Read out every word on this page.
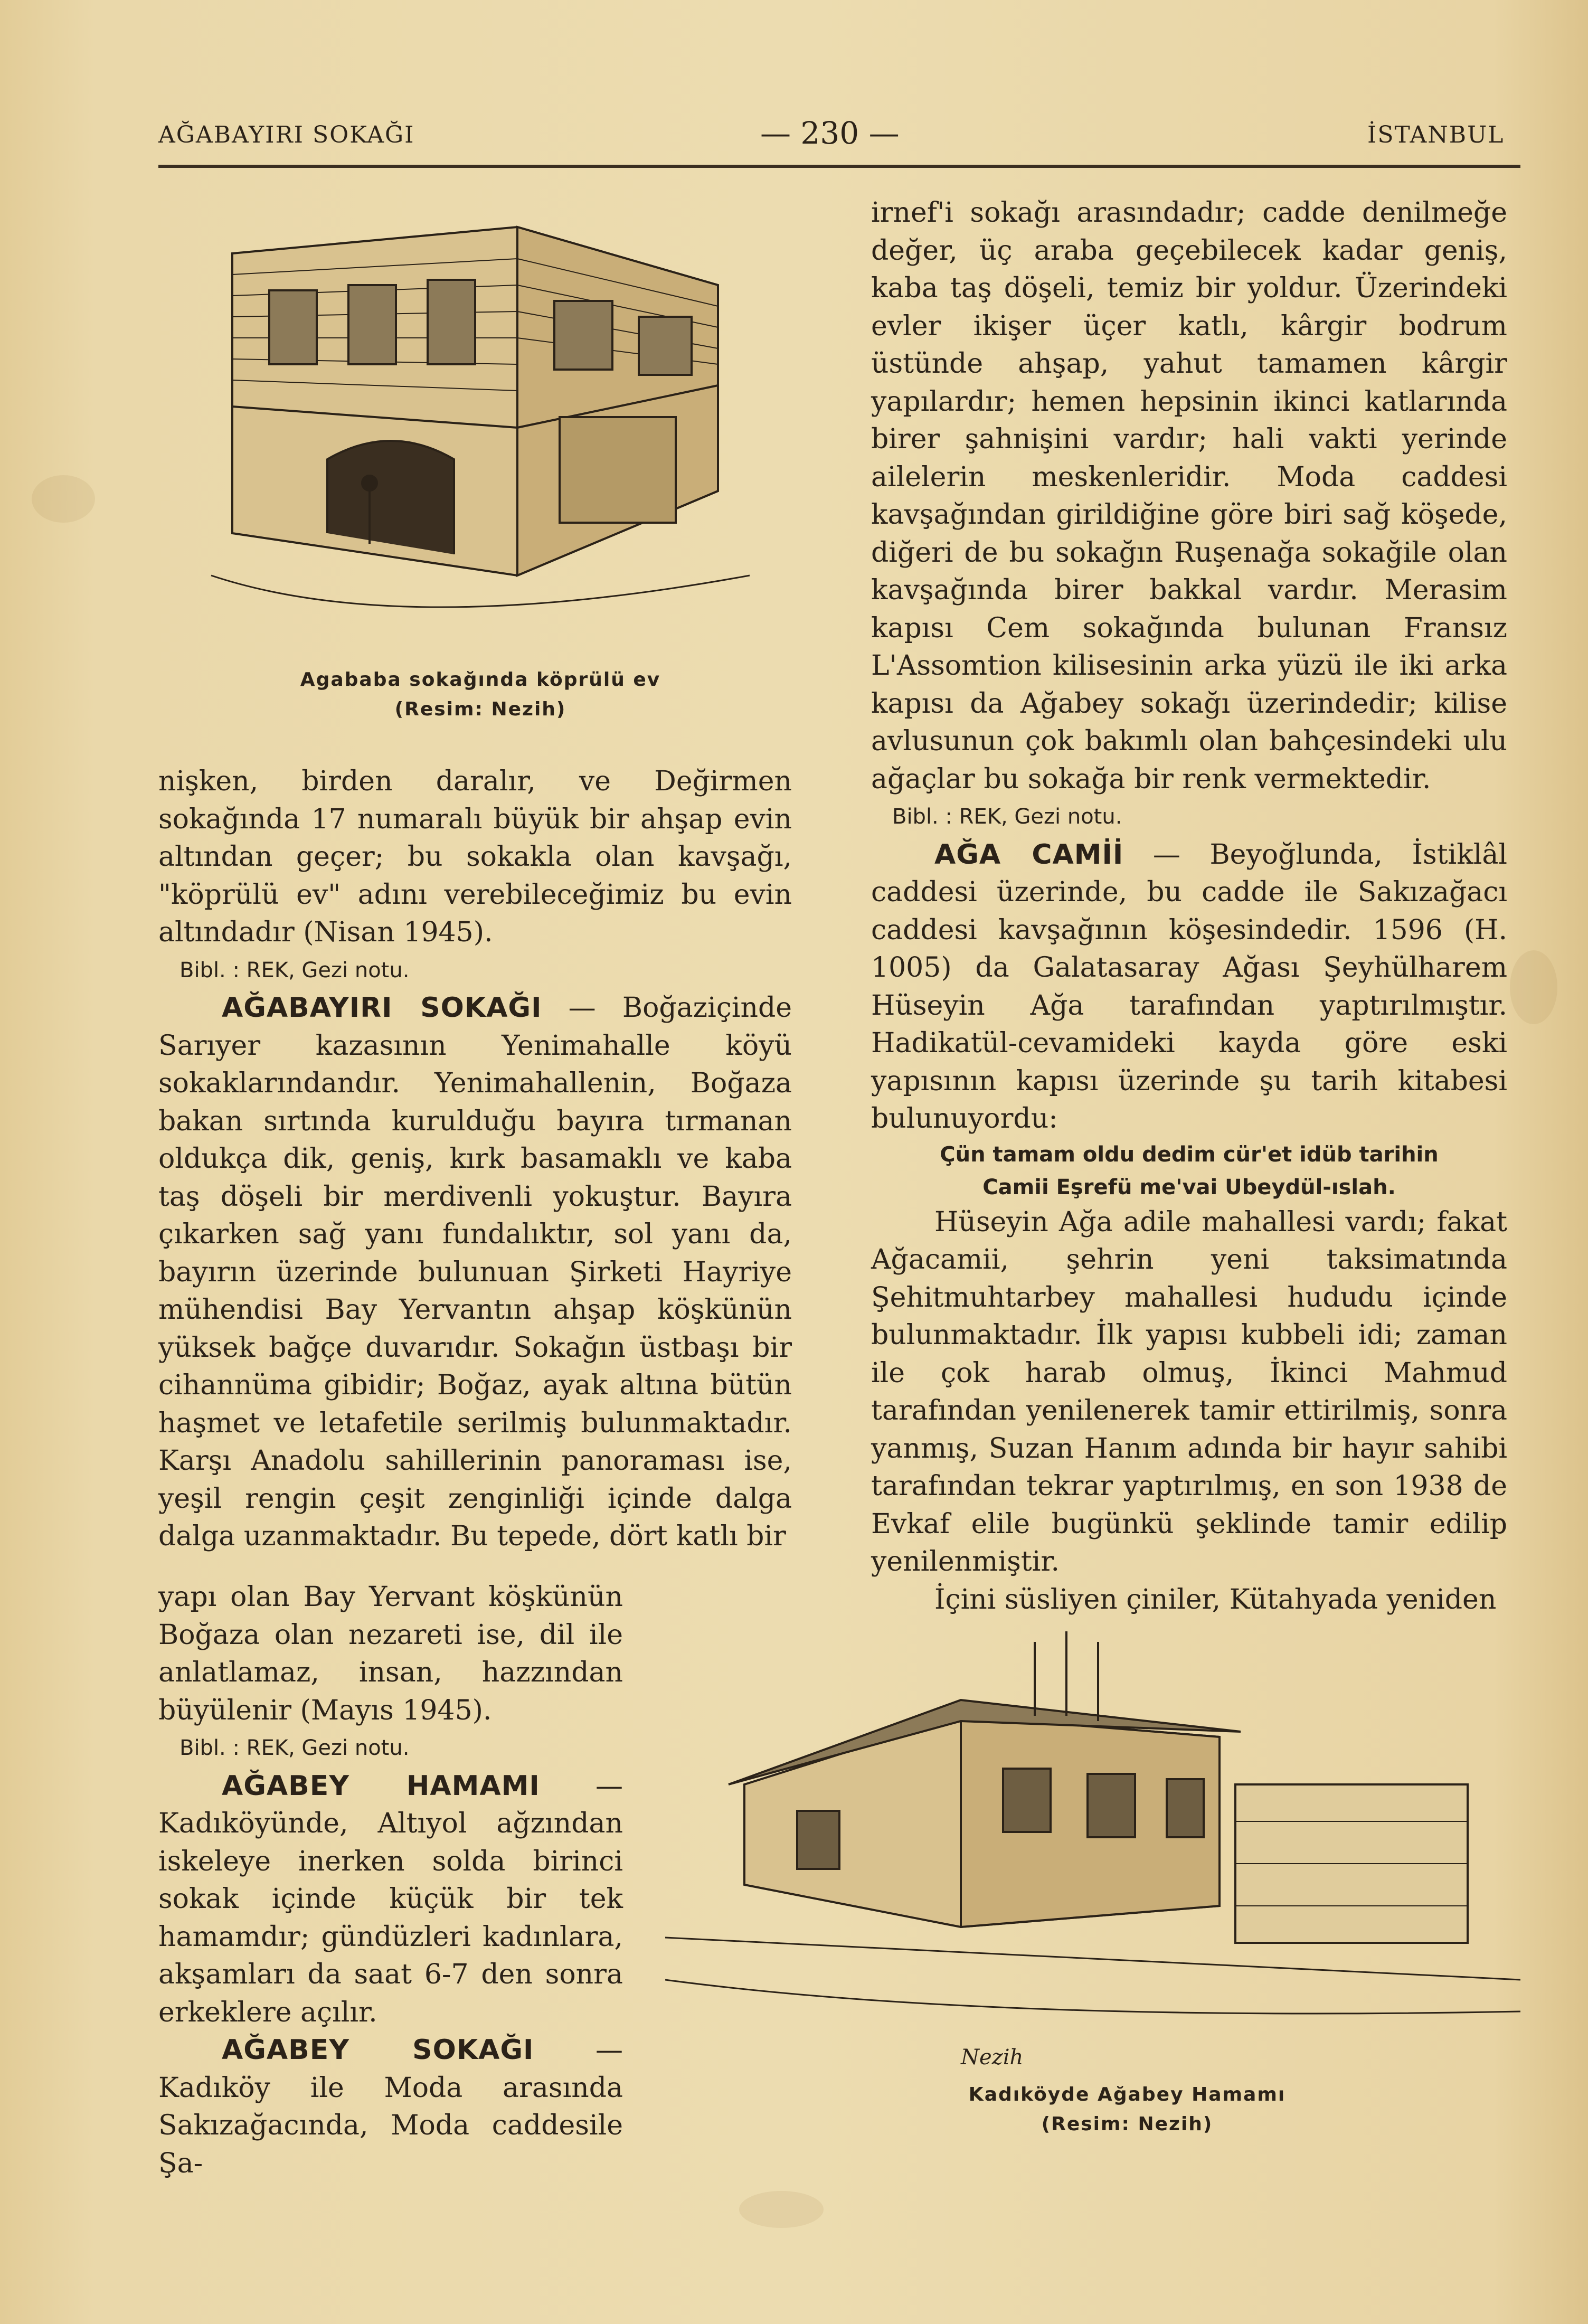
AĞABAYIRI SOKAĞI	— 230 —	İSTANBUL
Agababa sokağında köprülü ev
(Resim: Nezih)

nişken, birden daralır, ve Değirmen sokağında 17 numaralı büyük bir ahşap evin altından geçer; bu sokakla olan kavşağı, "köprülü ev" adını verebileceğimiz bu evin altındadır (Nisan 1945).

Bibl. : REK, Gezi notu.

AĞABAYIRI SOKAĞI — Boğaziçinde Sarıyer kazasının Yenimahalle köyü sokaklarındandır. Yenimahallenin, Boğaza bakan sırtında kurulduğu bayıra tırmanan oldukça dik, geniş, kırk basamaklı ve kaba taş döşeli bir merdivenli yokuştur. Bayıra çıkarken sağ yanı fundalıktır, sol yanı da, bayırın üzerinde bulunuan Şirketi Hayriye mühendisi Bay Yervantın ahşap köşkünün yüksek bağçe duvarıdır. Sokağın üstbaşı bir cihannüma gibidir; Boğaz, ayak altına bütün haşmet ve letafetile serilmiş bulunmaktadır. Karşı Anadolu sahillerinin panoraması ise, yeşil rengin çeşit zenginliği içinde dalga dalga uzanmaktadır. Bu tepede, dört katlı bir

yapı olan Bay Yervant köşkünün Boğaza olan nezareti ise, dil ile anlatlamaz, insan, hazzından büyülenir (Mayıs 1945).

Bibl. : REK, Gezi notu.

AĞABEY HAMAMI — Kadıköyünde, Altıyol ağzından iskeleye inerken solda birinci sokak içinde küçük bir tek hamamdır; gündüzleri kadınlara, akşamları da saat 6-7 den sonra erkeklere açılır.

AĞABEY SOKAĞI — Kadıköy ile Moda arasında Sakızağacında, Moda caddesile Şa-

irnef'i sokağı arasındadır; cadde denilmeğe değer, üç araba geçebilecek kadar geniş, kaba taş döşeli, temiz bir yoldur. Üzerindeki evler ikişer üçer katlı, kârgir bodrum üstünde ahşap, yahut tamamen kârgir yapılardır; hemen hepsinin ikinci katlarında birer şahnişini vardır; hali vakti yerinde ailelerin meskenleridir. Moda caddesi kavşağından girildiğine göre biri sağ köşede, diğeri de bu sokağın Ruşenağa sokağile olan kavşağında birer bakkal vardır. Merasim kapısı Cem sokağında bulunan Fransız L'Assomtion kilisesinin arka yüzü ile iki arka kapısı da Ağabey sokağı üzerindedir; kilise avlusunun çok bakımlı olan bahçesindeki ulu ağaçlar bu sokağa bir renk vermektedir.

Bibl. : REK, Gezi notu.

AĞA CAMİİ — Beyoğlunda, İstiklâl caddesi üzerinde, bu cadde ile Sakızağacı caddesi kavşağının köşesindedir. 1596 (H. 1005) da Galatasaray Ağası Şeyhülharem Hüseyin Ağa tarafından yaptırılmıştır. Hadikatül-cevamideki kayda göre eski yapısının kapısı üzerinde şu tarih kitabesi bulunuyordu:

Çün tamam oldu dedim cür'et idüb tarihin

Camii Eşrefü me'vai Ubeydül-ıslah.

Hüseyin Ağa adile mahallesi vardı; fakat Ağacamii, şehrin yeni taksimatında Şehitmuhtarbey mahallesi hududu içinde bulunmaktadır. İlk yapısı kubbeli idi; zaman ile çok harab olmuş, İkinci Mahmud tarafından yenilenerek tamir ettirilmiş, sonra yanmış, Suzan Hanım adında bir hayır sahibi tarafından tekrar yaptırılmış, en son 1938 de Evkaf elile bugünkü şeklinde tamir edilip yenilenmiştir.

İçini süsliyen çiniler, Kütahyada yeniden

Nezih
Kadıköyde Ağabey Hamamı
(Resim: Nezih)
